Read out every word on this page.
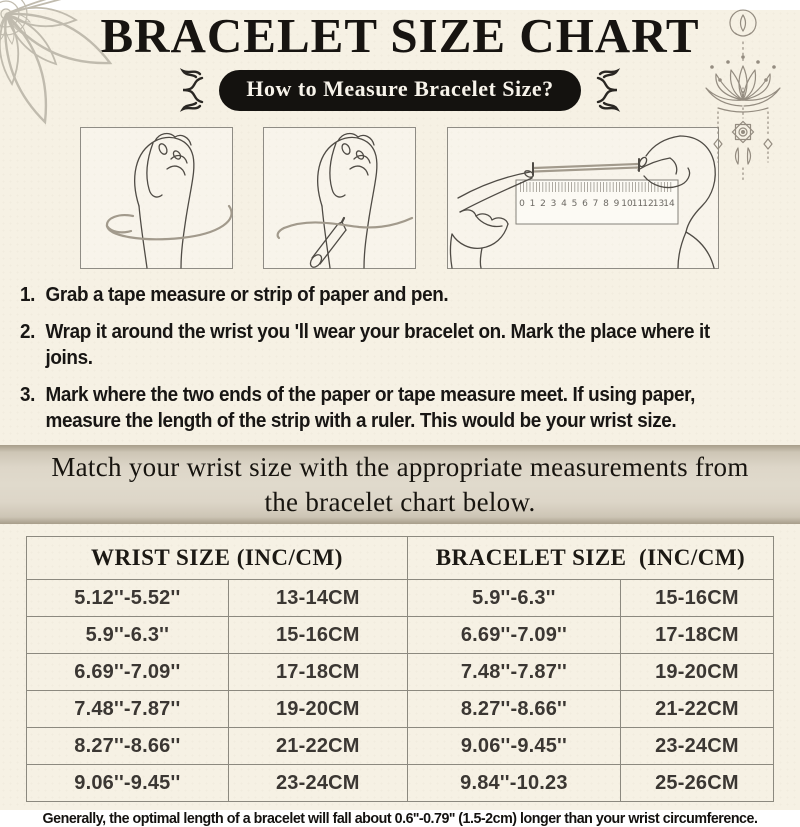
BRACELET SIZE CHART
How to Measure Bracelet Size?
0 1 2 3 4 5 6 7 8 9 10 11 12 13 14
1. Grab a tape measure or strip of paper and pen.
2. Wrap it around the wrist you 'll wear your bracelet on. Mark the place where it joins.
3. Mark where the two ends of the paper or tape measure meet. If using paper, measure the length of the strip with a ruler. This would be your wrist size.
Match your wrist size with the appropriate measurements from the bracelet chart below.
WRIST SIZE (INC/CM)		BRACELET SIZE  (INC/CM)	
5.12''-5.52''	13-14CM	5.9''-6.3''	15-16CM
5.9''-6.3''	15-16CM	6.69''-7.09''	17-18CM
6.69''-7.09''	17-18CM	7.48''-7.87''	19-20CM
7.48''-7.87''	19-20CM	8.27''-8.66''	21-22CM
8.27''-8.66''	21-22CM	9.06''-9.45''	23-24CM
9.06''-9.45''	23-24CM	9.84''-10.23	25-26CM
Generally, the optimal length of a bracelet will fall about 0.6''-0.79'' (1.5-2cm) longer than your wrist circumference.
